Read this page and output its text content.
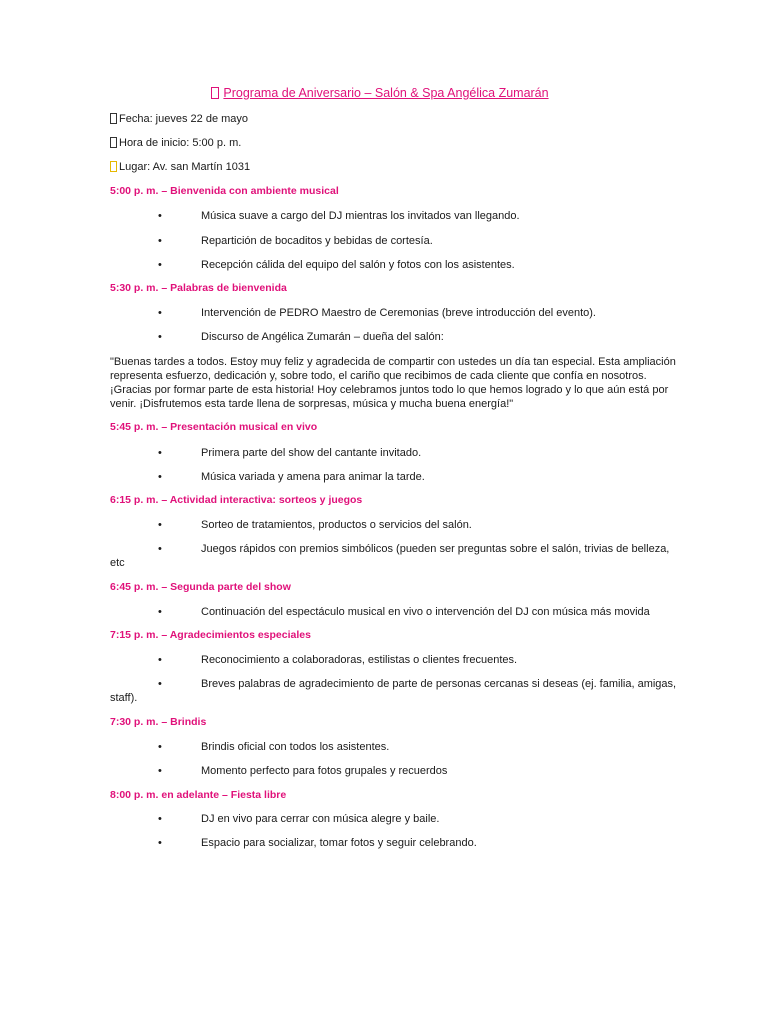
Programa de Aniversario – Salón & Spa Angélica Zumarán
Fecha: jueves 22 de mayo
Hora de inicio: 5:00 p. m.
Lugar: Av. san Martín 1031
5:00 p. m. – Bienvenida con ambiente musical
•	Música suave a cargo del DJ mientras los invitados van llegando.
•	Repartición de bocaditos y bebidas de cortesía.
•	Recepción cálida del equipo del salón y fotos con los asistentes.
5:30 p. m. – Palabras de bienvenida
•	Intervención de PEDRO Maestro de Ceremonias (breve introducción del evento).
•	Discurso de Angélica Zumarán – dueña del salón:
"Buenas tardes a todos. Estoy muy feliz y agradecida de compartir con ustedes un día tan especial. Esta ampliación
representa esfuerzo, dedicación y, sobre todo, el cariño que recibimos de cada cliente que confía en nosotros.
¡Gracias por formar parte de esta historia! Hoy celebramos juntos todo lo que hemos logrado y lo que aún está por
venir. ¡Disfrutemos esta tarde llena de sorpresas, música y mucha buena energía!"
5:45 p. m. – Presentación musical en vivo
•	Primera parte del show del cantante invitado.
•	Música variada y amena para animar la tarde.
6:15 p. m. – Actividad interactiva: sorteos y juegos
•	Sorteo de tratamientos, productos o servicios del salón.
•	Juegos rápidos con premios simbólicos (pueden ser preguntas sobre el salón, trivias de belleza,
etc
6:45 p. m. – Segunda parte del show
•	Continuación del espectáculo musical en vivo o intervención del DJ con música más movida
7:15 p. m. – Agradecimientos especiales
•	Reconocimiento a colaboradoras, estilistas o clientes frecuentes.
•	Breves palabras de agradecimiento de parte de personas cercanas si deseas (ej. familia, amigas,
staff).
7:30 p. m. – Brindis
•	Brindis oficial con todos los asistentes.
•	Momento perfecto para fotos grupales y recuerdos
8:00 p. m. en adelante – Fiesta libre
•	DJ en vivo para cerrar con música alegre y baile.
•	Espacio para socializar, tomar fotos y seguir celebrando.
